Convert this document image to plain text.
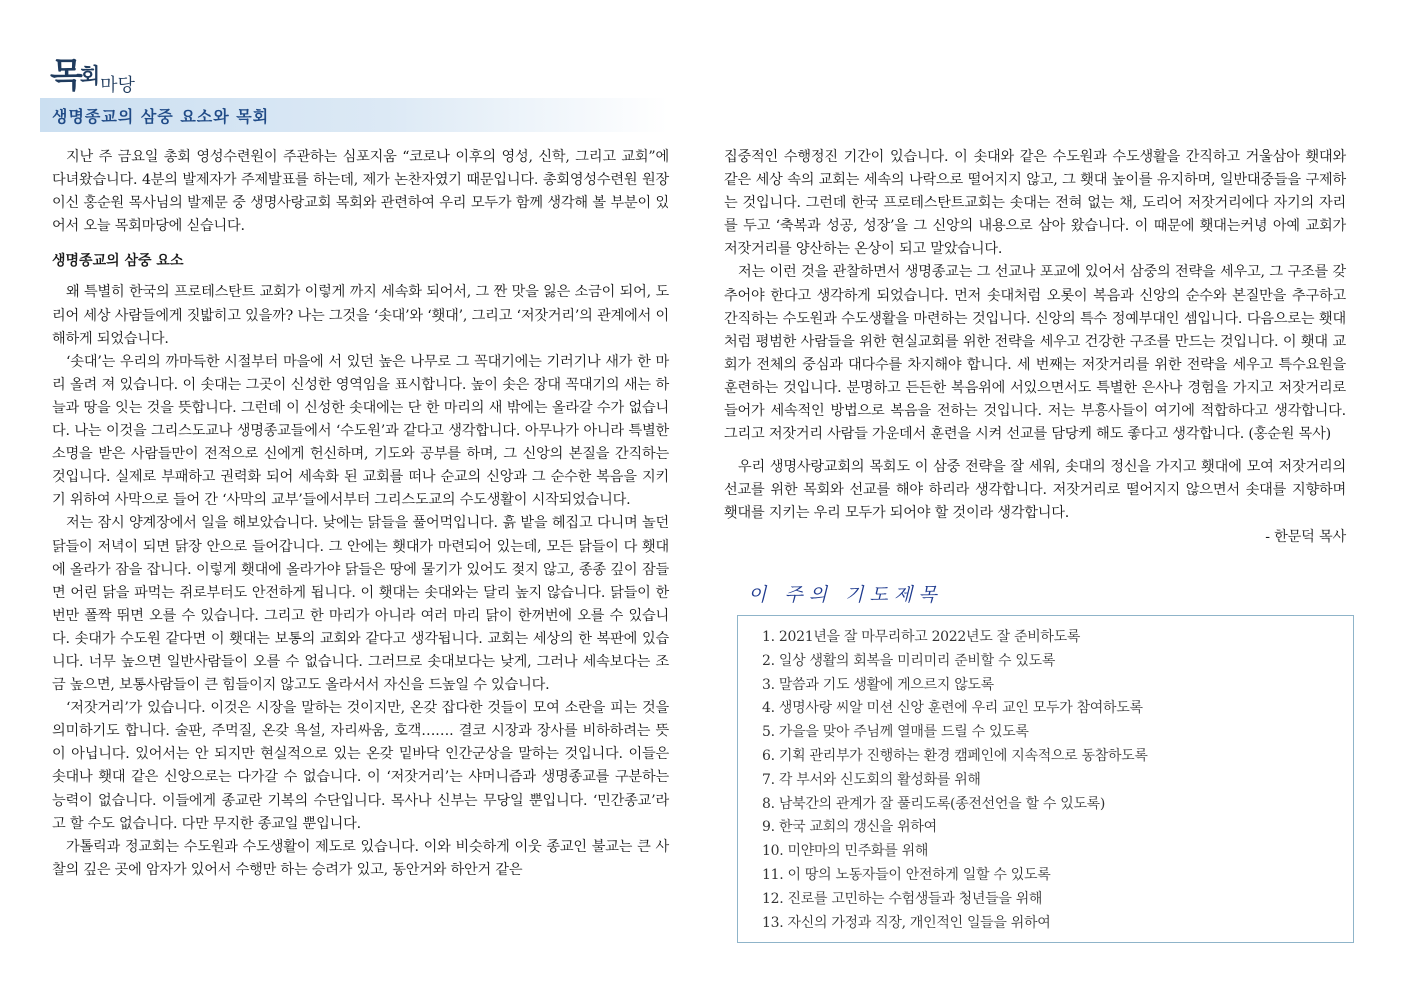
목회마당
생명종교의 삼중 요소와 목회

지난 주 금요일 총회 영성수련원이 주관하는 심포지움 “코로나 이후의 영성, 신학, 그리고 교회”에 다녀왔습니다. 4분의 발제자가 주제발표를 하는데, 제가 논찬자였기 때문입니다. 총회영성수련원 원장이신 홍순원 목사님의 발제문 중 생명사랑교회 목회와 관련하여 우리 모두가 함께 생각해 볼 부분이 있어서 오늘 목회마당에 싣습니다.

생명종교의 삼중 요소

왜 특별히 한국의 프로테스탄트 교회가 이렇게 까지 세속화 되어서, 그 짠 맛을 잃은 소금이 되어, 도리어 세상 사람들에게 짓밟히고 있을까? 나는 그것을 ‘솟대’와 ‘횃대’, 그리고 ‘저잣거리’의 관계에서 이해하게 되었습니다.

‘솟대’는 우리의 까마득한 시절부터 마을에 서 있던 높은 나무로 그 꼭대기에는 기러기나 새가 한 마리 올려 져 있습니다. 이 솟대는 그곳이 신성한 영역임을 표시합니다. 높이 솟은 장대 꼭대기의 새는 하늘과 땅을 잇는 것을 뜻합니다. 그런데 이 신성한 솟대에는 단 한 마리의 새 밖에는 올라갈 수가 없습니다. 나는 이것을 그리스도교나 생명종교들에서 ‘수도원’과 같다고 생각합니다. 아무나가 아니라 특별한 소명을 받은 사람들만이 전적으로 신에게 헌신하며, 기도와 공부를 하며, 그 신앙의 본질을 간직하는 것입니다. 실제로 부패하고 권력화 되어 세속화 된 교회를 떠나 순교의 신앙과 그 순수한 복음을 지키기 위하여 사막으로 들어 간 ‘사막의 교부’들에서부터 그리스도교의 수도생활이 시작되었습니다.

저는 잠시 양계장에서 일을 해보았습니다. 낮에는 닭들을 풀어먹입니다. 흙 밭을 헤집고 다니며 놀던 닭들이 저녁이 되면 닭장 안으로 들어갑니다. 그 안에는 횃대가 마련되어 있는데, 모든 닭들이 다 횃대에 올라가 잠을 잡니다. 이렇게 횃대에 올라가야 닭들은 땅에 물기가 있어도 젖지 않고, 종종 깊이 잠들면 어린 닭을 파먹는 쥐로부터도 안전하게 됩니다. 이 횃대는 솟대와는 달리 높지 않습니다. 닭들이 한 번만 폴짝 뛰면 오를 수 있습니다. 그리고 한 마리가 아니라 여러 마리 닭이 한꺼번에 오를 수 있습니다. 솟대가 수도원 같다면 이 횃대는 보통의 교회와 같다고 생각됩니다. 교회는 세상의 한 복판에 있습니다. 너무 높으면 일반사람들이 오를 수 없습니다. 그러므로 솟대보다는 낮게, 그러나 세속보다는 조금 높으면, 보통사람들이 큰 힘들이지 않고도 올라서서 자신을 드높일 수 있습니다.

‘저잣거리’가 있습니다. 이것은 시장을 말하는 것이지만, 온갖 잡다한 것들이 모여 소란을 피는 것을 의미하기도 합니다. 술판, 주먹질, 온갖 욕설, 자리싸움, 호객……. 결코 시장과 장사를 비하하려는 뜻이 아닙니다. 있어서는 안 되지만 현실적으로 있는 온갖 밑바닥 인간군상을 말하는 것입니다. 이들은 솟대나 횃대 같은 신앙으로는 다가갈 수 없습니다. 이 ‘저잣거리’는 샤머니즘과 생명종교를 구분하는 능력이 없습니다. 이들에게 종교란 기복의 수단입니다. 목사나 신부는 무당일 뿐입니다. ‘민간종교’라고 할 수도 없습니다. 다만 무지한 종교일 뿐입니다.

가톨릭과 정교회는 수도원과 수도생활이 제도로 있습니다. 이와 비슷하게 이웃 종교인 불교는 큰 사찰의 깊은 곳에 암자가 있어서 수행만 하는 승려가 있고, 동안거와 하안거 같은

집중적인 수행정진 기간이 있습니다. 이 솟대와 같은 수도원과 수도생활을 간직하고 거울삼아 횃대와 같은 세상 속의 교회는 세속의 나락으로 떨어지지 않고, 그 횃대 높이를 유지하며, 일반대중들을 구제하는 것입니다. 그런데 한국 프로테스탄트교회는 솟대는 전혀 없는 채, 도리어 저잣거리에다 자기의 자리를 두고 ‘축복과 성공, 성장’을 그 신앙의 내용으로 삼아 왔습니다. 이 때문에 횃대는커녕 아예 교회가 저잣거리를 양산하는 온상이 되고 말았습니다.

저는 이런 것을 관찰하면서 생명종교는 그 선교나 포교에 있어서 삼중의 전략을 세우고, 그 구조를 갖추어야 한다고 생각하게 되었습니다. 먼저 솟대처럼 오롯이 복음과 신앙의 순수와 본질만을 추구하고 간직하는 수도원과 수도생활을 마련하는 것입니다. 신앙의 특수 정예부대인 셈입니다. 다음으로는 횃대처럼 평범한 사람들을 위한 현실교회를 위한 전략을 세우고 건강한 구조를 만드는 것입니다. 이 횃대 교회가 전체의 중심과 대다수를 차지해야 합니다. 세 번째는 저잣거리를 위한 전략을 세우고 특수요원을 훈련하는 것입니다. 분명하고 든든한 복음위에 서있으면서도 특별한 은사나 경험을 가지고 저잣거리로 들어가 세속적인 방법으로 복음을 전하는 것입니다. 저는 부흥사들이 여기에 적합하다고 생각합니다. 그리고 저잣거리 사람들 가운데서 훈련을 시켜 선교를 담당케 해도 좋다고 생각합니다. (홍순원 목사)

우리 생명사랑교회의 목회도 이 삼중 전략을 잘 세워, 솟대의 정신을 가지고 횃대에 모여 저잣거리의 선교를 위한 목회와 선교를 해야 하리라 생각합니다. 저잣거리로 떨어지지 않으면서 솟대를 지향하며 횃대를 지키는 우리 모두가 되어야 할 것이라 생각합니다.

- 한문덕 목사

이 주의 기도제목
1. 2021년을 잘 마무리하고 2022년도 잘 준비하도록
2. 일상 생활의 회복을 미리미리 준비할 수 있도록
3. 말씀과 기도 생활에 게으르지 않도록
4. 생명사랑 씨알 미션 신앙 훈련에 우리 교인 모두가 참여하도록
5. 가을을 맞아 주님께 열매를 드릴 수 있도록
6. 기획 관리부가 진행하는 환경 캠페인에 지속적으로 동참하도록
7. 각 부서와 신도회의 활성화를 위해
8. 남북간의 관계가 잘 풀리도록(종전선언을 할 수 있도록)
9. 한국 교회의 갱신을 위하여
10. 미얀마의 민주화를 위해
11. 이 땅의 노동자들이 안전하게 일할 수 있도록
12. 진로를 고민하는 수험생들과 청년들을 위해
13. 자신의 가정과 직장, 개인적인 일들을 위하여
